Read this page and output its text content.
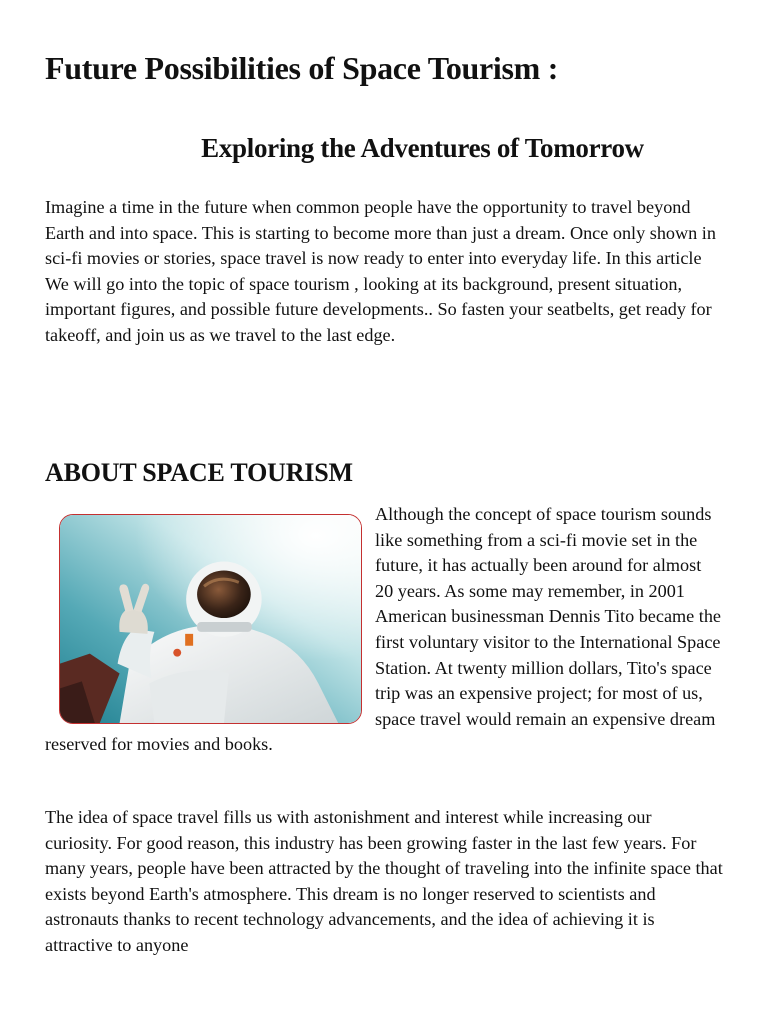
Future Possibilities of Space Tourism :
Exploring the Adventures of Tomorrow

Imagine a time in the future when common people have the opportunity to travel beyond Earth and into space. This is starting to become more than just a dream. Once only shown in sci-fi movies or stories, space travel is now ready to enter into everyday life. In this article We will go into the topic of space tourism , looking at its background, present situation, important figures, and possible future developments.. So fasten your seatbelts, get ready for takeoff, and join us as we travel to the last edge.

ABOUT SPACE TOURISM

Although the concept of space tourism sounds like something from a sci-fi movie set in the future, it has actually been around for almost 20 years. As some may remember, in 2001 American businessman Dennis Tito became the first voluntary visitor to the International Space Station. At twenty million dollars, Tito's space trip was an expensive project; for most of us, space travel would remain an expensive dream reserved for movies and books.

The idea of space travel fills us with astonishment and interest while increasing our curiosity. For good reason, this industry has been growing faster in the last few years. For many years, people have been attracted by the thought of traveling into the infinite space that exists beyond Earth's atmosphere. This dream is no longer reserved to scientists and astronauts thanks to recent technology advancements, and the idea of achieving it is attractive to anyone
